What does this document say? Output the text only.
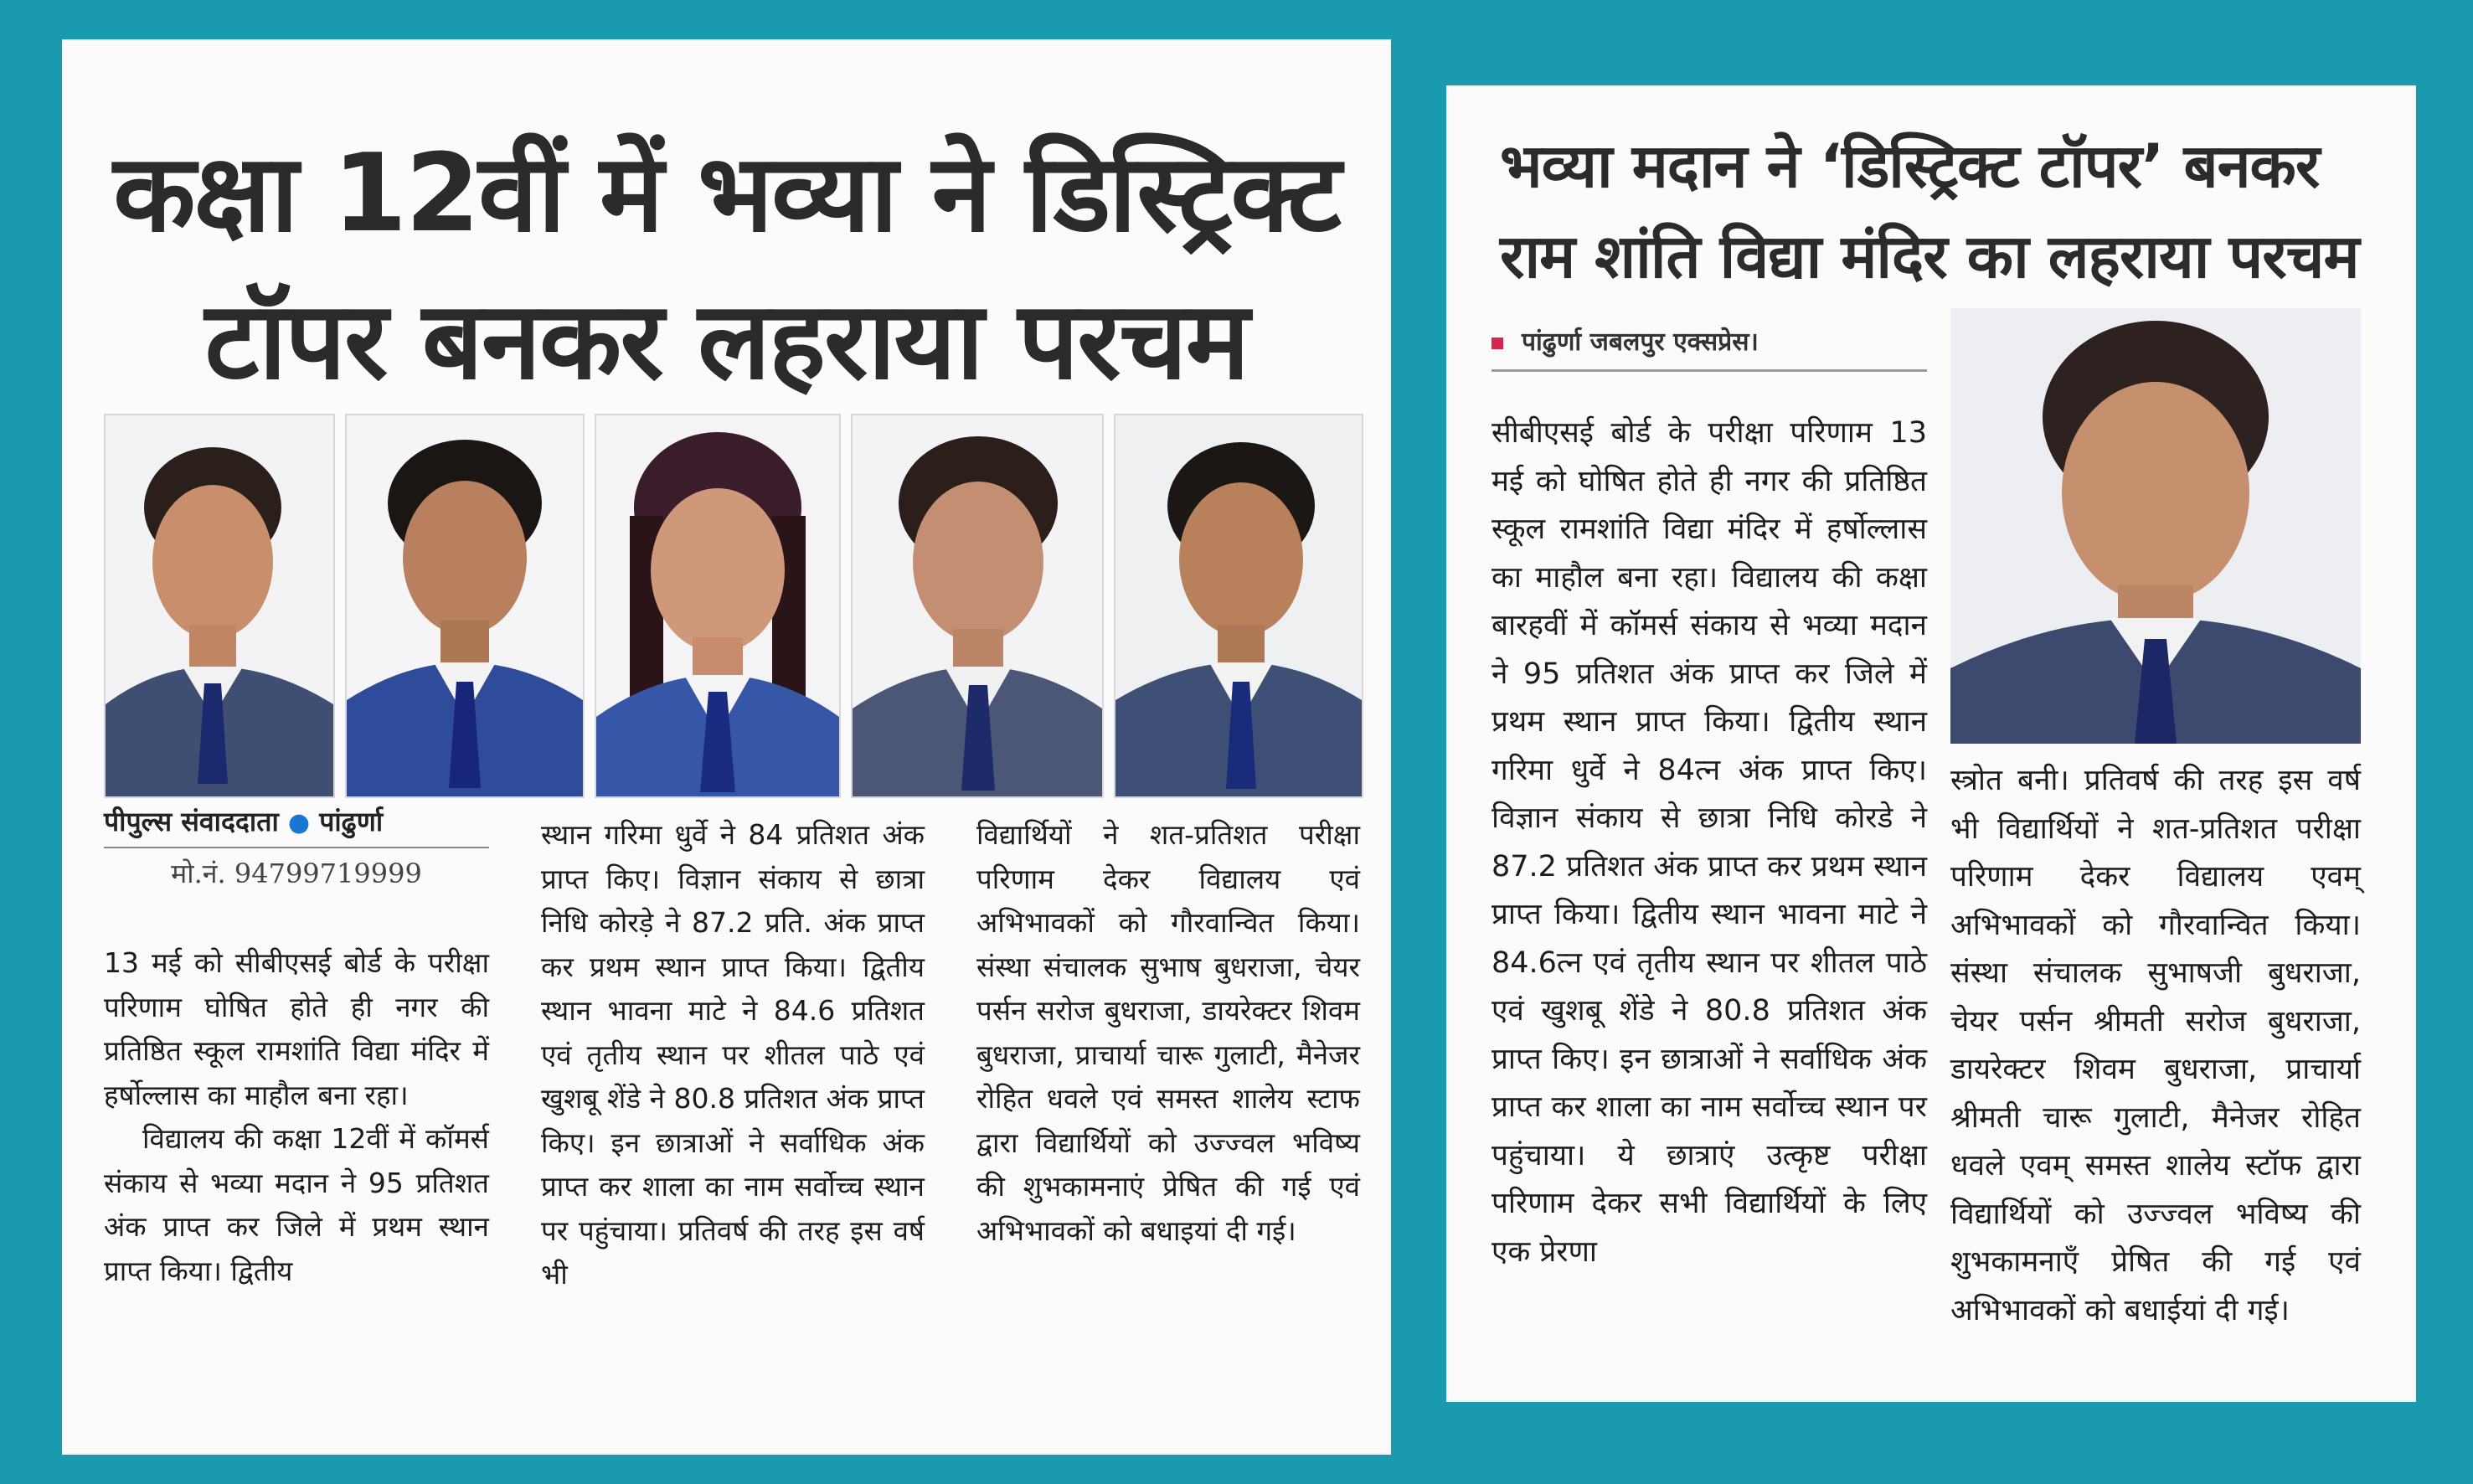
कक्षा 12वीं में भव्या ने डिस्ट्रिक्ट
टॉपर बनकर लहराया परचम
पीपुल्स संवाददाता ● पांढुर्णा
मो.नं. 94799719999

13 मई को सीबीएसई बोर्ड के परीक्षा परिणाम घोषित होते ही नगर की प्रतिष्ठित स्कूल रामशांति विद्या मंदिर में हर्षोल्लास का माहौल बना रहा।

विद्यालय की कक्षा 12वीं में कॉमर्स संकाय से भव्या मदान ने 95 प्रतिशत अंक प्राप्त कर जिले में प्रथम स्थान प्राप्त किया। द्वितीय

स्थान गरिमा धुर्वे ने 84 प्रतिशत अंक प्राप्त किए। विज्ञान संकाय से छात्रा निधि कोरड़े ने 87.2 प्रति. अंक प्राप्त कर प्रथम स्थान प्राप्त किया। द्वितीय स्थान भावना माटे ने 84.6 प्रतिशत एवं तृतीय स्थान पर शीतल पाठे एवं खुशबू शेंडे ने 80.8 प्रतिशत अंक प्राप्त किए। इन छात्राओं ने सर्वाधिक अंक प्राप्त कर शाला का नाम सर्वोच्च स्थान पर पहुंचाया। प्रतिवर्ष की तरह इस वर्ष भी

विद्यार्थियों ने शत-प्रतिशत परीक्षा परिणाम देकर विद्यालय एवं अभिभावकों को गौरवान्वित किया। संस्था संचालक सुभाष बुधराजा, चेयर पर्सन सरोज बुधराजा, डायरेक्टर शिवम बुधराजा, प्राचार्या चारू गुलाटी, मैनेजर रोहित धवले एवं समस्त शालेय स्टाफ द्वारा विद्यार्थियों को उज्ज्वल भविष्य की शुभकामनाएं प्रेषित की गई एवं अभिभावकों को बधाइयां दी गई।

भव्या मदान ने ‘डिस्ट्रिक्ट टॉपर’ बनकर
राम शांति विद्या मंदिर का लहराया परचम
पांढुर्णा जबलपुर एक्सप्रेस।

सीबीएसई बोर्ड के परीक्षा परिणाम 13 मई को घोषित होते ही नगर की प्रतिष्ठित स्कूल रामशांति विद्या मंदिर में हर्षोल्लास का माहौल बना रहा। विद्यालय की कक्षा बारहवीं में कॉमर्स संकाय से भव्या मदान ने 95 प्रतिशत अंक प्राप्त कर जिले में प्रथम स्थान प्राप्त किया। द्वितीय स्थान गरिमा धुर्वे ने 84त्न अंक प्राप्त किए। विज्ञान संकाय से छात्रा निधि कोरडे ने 87.2 प्रतिशत अंक प्राप्त कर प्रथम स्थान प्राप्त किया। द्वितीय स्थान भावना माटे ने 84.6त्न एवं तृतीय स्थान पर शीतल पाठे एवं खुशबू शेंडे ने 80.8 प्रतिशत अंक प्राप्त किए। इन छात्राओं ने सर्वाधिक अंक प्राप्त कर शाला का नाम सर्वोच्च स्थान पर पहुंचाया। ये छात्राएं उत्कृष्ट परीक्षा परिणाम देकर सभी विद्यार्थियों के लिए एक प्रेरणा

स्त्रोत बनी। प्रतिवर्ष की तरह इस वर्ष भी विद्यार्थियों ने शत-प्रतिशत परीक्षा परिणाम देकर विद्यालय एवम् अभिभावकों को गौरवान्वित किया। संस्था संचालक सुभाषजी बुधराजा, चेयर पर्सन श्रीमती सरोज बुधराजा, डायरेक्टर शिवम बुधराजा, प्राचार्या श्रीमती चारू गुलाटी, मैनेजर रोहित धवले एवम् समस्त शालेय स्टॉफ द्वारा विद्यार्थियों को उज्ज्वल भविष्य की शुभकामनाएँ प्रेषित की गई एवं अभिभावकों को बधाईयां दी गई।
